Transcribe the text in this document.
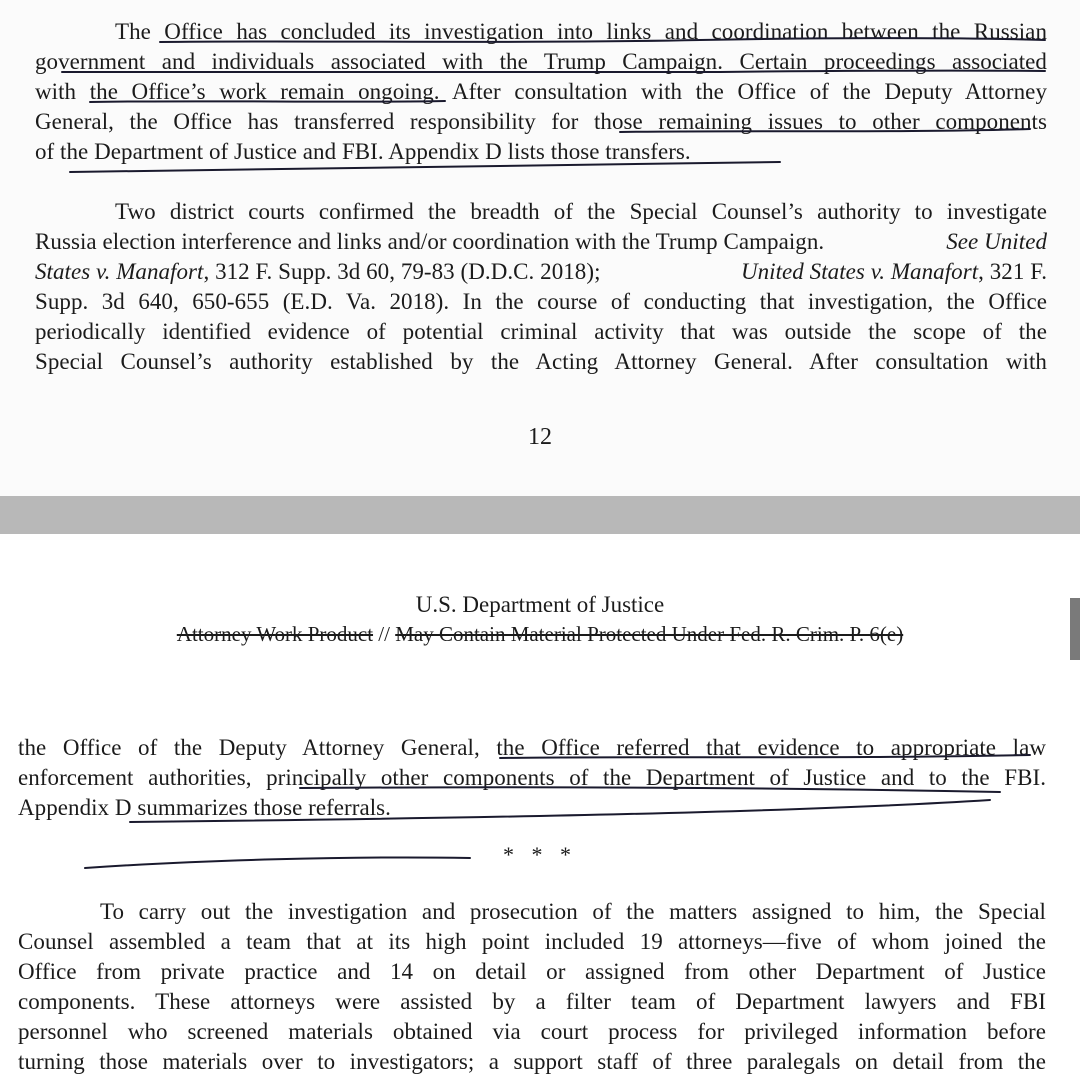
The Office has concluded its investigation into links and coordination between the Russian
government and individuals associated with the Trump Campaign. Certain proceedings associated
with the Office’s work remain ongoing. After consultation with the Office of the Deputy Attorney
General, the Office has transferred responsibility for those remaining issues to other components
of the Department of Justice and FBI. Appendix D lists those transfers.
Two district courts confirmed the breadth of the Special Counsel’s authority to investigate
Russia election interference and links and/or coordination with the Trump Campaign.	See United
States v. Manafort, 312 F. Supp. 3d 60, 79-83 (D.D.C. 2018);	United States v. Manafort, 321 F.
Supp. 3d 640, 650-655 (E.D. Va. 2018). In the course of conducting that investigation, the Office
periodically identified evidence of potential criminal activity that was outside the scope of the
Special Counsel’s authority established by the Acting Attorney General. After consultation with
12
U.S. Department of Justice
Attorney Work Product // May Contain Material Protected Under Fed. R. Crim. P. 6(e)
the Office of the Deputy Attorney General, the Office referred that evidence to appropriate law
enforcement authorities, principally other components of the Department of Justice and to the FBI.
Appendix D summarizes those referrals.
* * *
To carry out the investigation and prosecution of the matters assigned to him, the Special
Counsel assembled a team that at its high point included 19 attorneys—five of whom joined the
Office from private practice and 14 on detail or assigned from other Department of Justice
components. These attorneys were assisted by a filter team of Department lawyers and FBI
personnel who screened materials obtained via court process for privileged information before
turning those materials over to investigators; a support staff of three paralegals on detail from the
